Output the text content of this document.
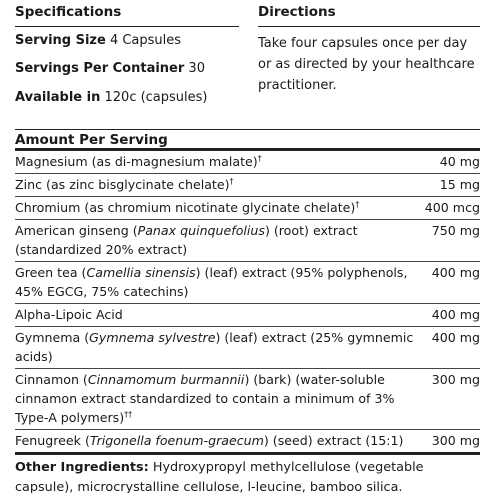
Specifications
Serving Size 4 Capsules
Servings Per Container 30
Available in 120c (capsules)
Directions
Take four capsules once per day or as directed by your healthcare practitioner.
Amount Per Serving
Magnesium (as di-magnesium malate)†	40 mg
Zinc (as zinc bisglycinate chelate)†	15 mg
Chromium (as chromium nicotinate glycinate chelate)†	400 mcg
American ginseng (Panax quinquefolius) (root) extract (standardized 20% extract)
750 mg
Green tea (Camellia sinensis) (leaf) extract (95% polyphenols, 45% EGCG, 75% catechins)
400 mg
Alpha-Lipoic Acid	400 mg
Gymnema (Gymnema sylvestre) (leaf) extract (25% gymnemic acids)
400 mg
Cinnamon (Cinnamomum burmannii) (bark) (water-soluble cinnamon extract standardized to contain a minimum of 3% Type-A polymers)††
300 mg
Fenugreek (Trigonella foenum-graecum) (seed) extract (15:1)	300 mg
Other Ingredients: Hydroxypropyl methylcellulose (vegetable capsule), microcrystalline cellulose, l-leucine, bamboo silica.
